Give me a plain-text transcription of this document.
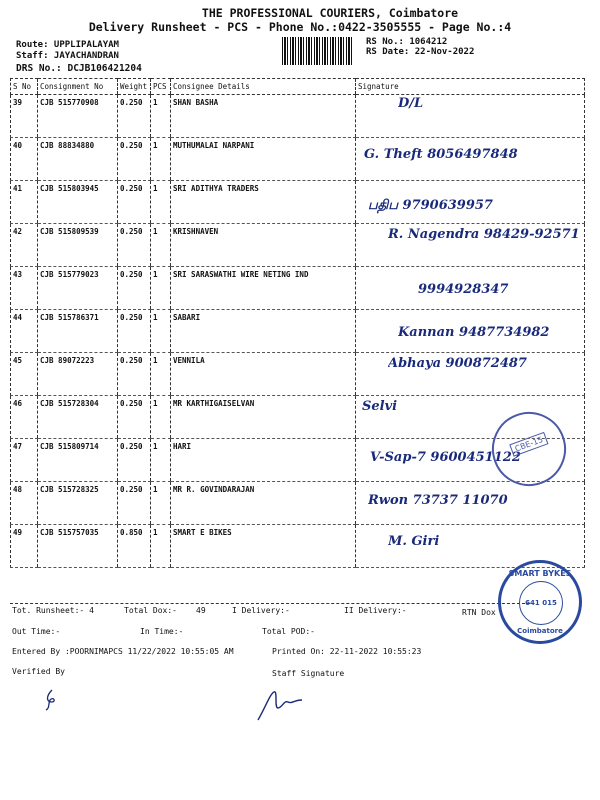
THE PROFESSIONAL COURIERS, Coimbatore
Delivery Runsheet - PCS - Phone No.:0422-3505555 - Page No.:4
Route: UPPLIPALAYAM
Staff: JAYACHANDRAN
DRS No.: DCJB106421204
RS No.: 1064212
RS Date: 22-Nov-2022
S No	Consignment No	Weight	PCS	Consignee Details	Signature
39	CJB 515770908	0.250	1	SHAN BASHA	D/L

40	CJB 88834880	0.250	1	MUTHUMALAI NARPANI	G. Theft 8056497848

41	CJB 515803945	0.250	1	SRI ADITHYA TRADERS	பதிப 9790639957

42	CJB 515809539	0.250	1	KRISHNAVEN	R. Nagendra 98429-92571

43	CJB 515779023	0.250	1	SRI SARASWATHI WIRE NETING IND	9994928347

44	CJB 515786371	0.250	1	SABARI	Kannan 9487734982

45	CJB 89072223	0.250	1	VENNILA	Abhaya 900872487

46	CJB 515728304	0.250	1	MR KARTHIGAISELVAN	Selvi

47	CJB 515809714	0.250	1	HARI	V-Sap-7 9600451122

48	CJB 515728325	0.250	1	MR R. GOVINDARAJAN	Rwon 73737 11070

49	CJB 515757035	0.850	1	SMART E BIKES	M. Giri
Tot. Runsheet:- 4	Total Dox:- 49	I Delivery:-	II Delivery:-	RTN Dox
Out Time:-	In Time:-	Total POD:-
Entered By :POORNIMAPCS 11/22/2022 10:55:05 AM	Printed On: 22-11-2022 10:55:23
Verified By	Staff Signature
CBE-15
SMART BYKES
641 015
Coimbatore
